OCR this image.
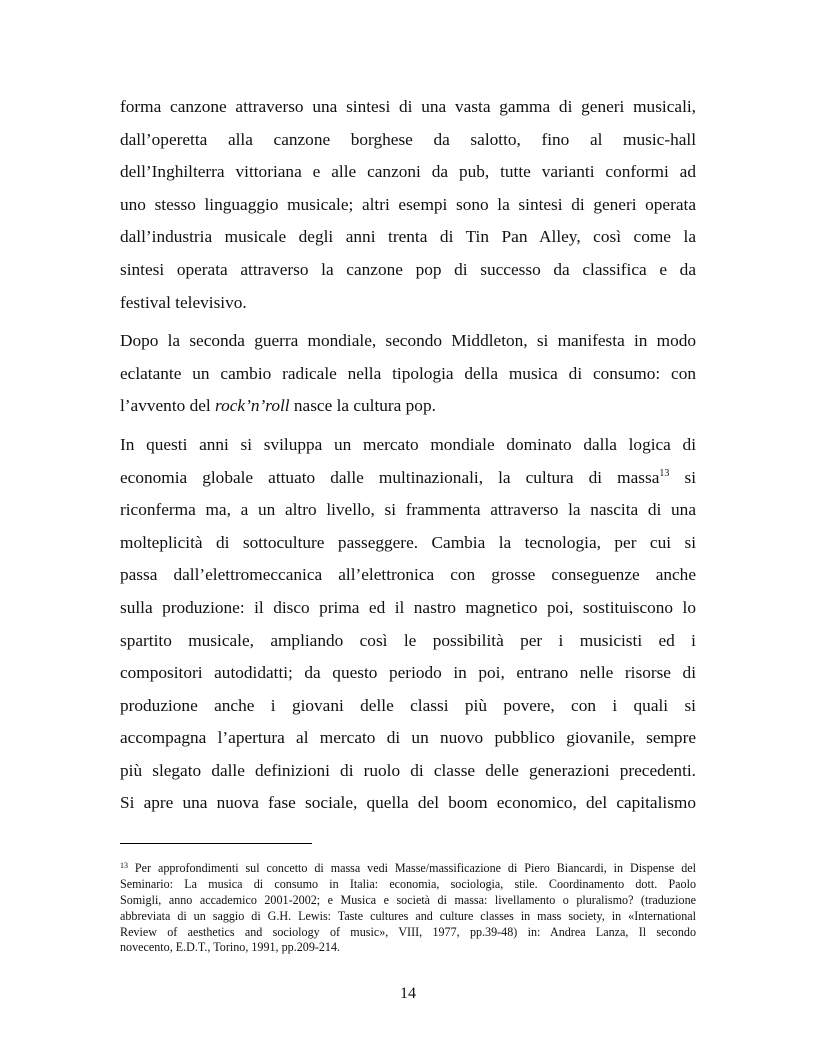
forma canzone attraverso una sintesi di una vasta gamma di generi musicali,
dall’operetta alla canzone borghese da salotto, fino al music-hall
dell’Inghilterra vittoriana e alle canzoni da pub, tutte varianti conformi ad
uno stesso linguaggio musicale; altri esempi sono la sintesi di generi operata
dall’industria musicale degli anni trenta di Tin Pan Alley, così come la
sintesi operata attraverso la canzone pop di successo da classifica e da
festival televisivo.
Dopo la seconda guerra mondiale, secondo Middleton, si manifesta in modo
eclatante un cambio radicale nella tipologia della musica di consumo: con
l’avvento del rock’n’roll nasce la cultura pop.
In questi anni si sviluppa un mercato mondiale dominato dalla logica di
economia globale attuato dalle multinazionali, la cultura di massa$^{13}$ si
riconferma ma, a un altro livello, si frammenta attraverso la nascita di una
molteplicità di sottoculture passeggere. Cambia la tecnologia, per cui si
passa dall’elettromeccanica all’elettronica con grosse conseguenze anche
sulla produzione: il disco prima ed il nastro magnetico poi, sostituiscono lo
spartito musicale, ampliando così le possibilità per i musicisti ed i
compositori autodidatti; da questo periodo in poi, entrano nelle risorse di
produzione anche i giovani delle classi più povere, con i quali si
accompagna l’apertura al mercato di un nuovo pubblico giovanile, sempre
più slegato dalle definizioni di ruolo di classe delle generazioni precedenti.
Si apre una nuova fase sociale, quella del boom economico, del capitalismo
$^{13}$ Per approfondimenti sul concetto di massa vedi Masse/massificazione di Piero Biancardi, in Dispense del
Seminario: La musica di consumo in Italia: economia, sociologia, stile. Coordinamento dott. Paolo
Somigli, anno accademico 2001-2002; e Musica e società di massa: livellamento o pluralismo? (traduzione
abbreviata di un saggio di G.H. Lewis: Taste cultures and culture classes in mass society, in «International
Review of aesthetics and sociology of music», VIII, 1977, pp.39-48) in: Andrea Lanza, Il secondo
novecento, E.D.T., Torino, 1991, pp.209-214.
14
